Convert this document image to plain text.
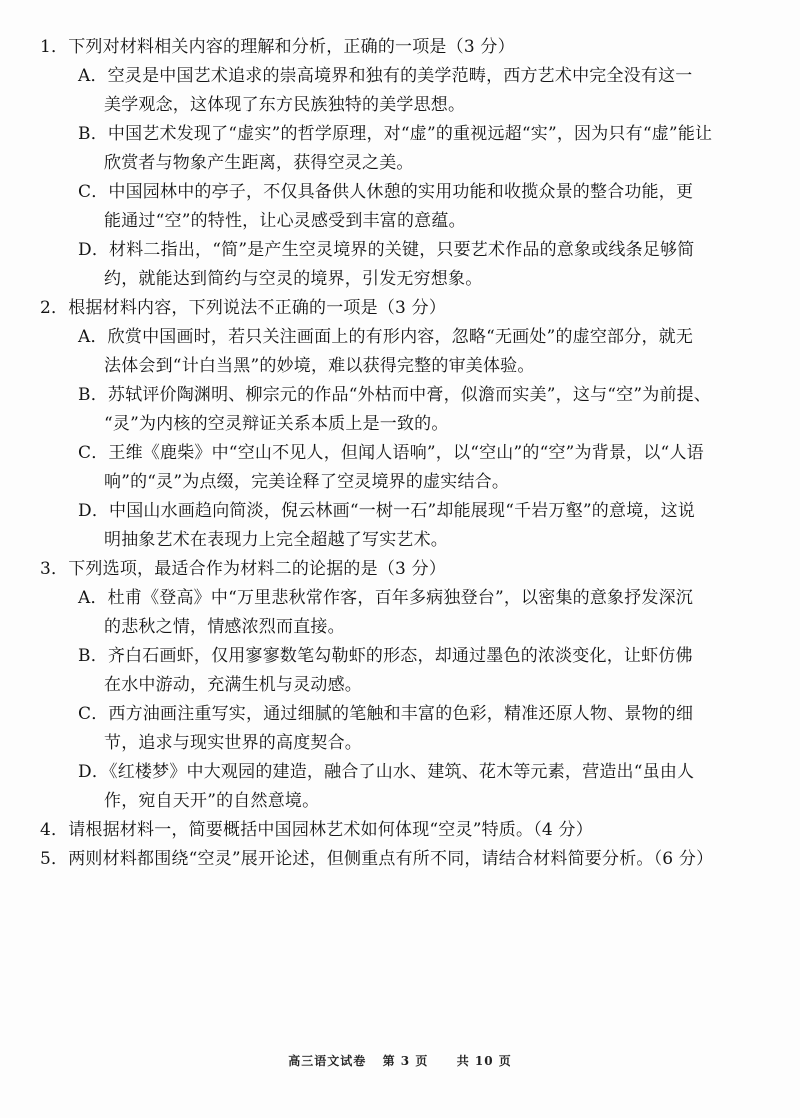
1．下列对材料相关内容的理解和分析，正确的一项是（3 分）
A．空灵是中国艺术追求的崇高境界和独有的美学范畴，西方艺术中完全没有这一
美学观念，这体现了东方民族独特的美学思想。
B．中国艺术发现了“虚实”的哲学原理，对“虚”的重视远超“实”，因为只有“虚”能让
欣赏者与物象产生距离，获得空灵之美。
C．中国园林中的亭子，不仅具备供人休憩的实用功能和收揽众景的整合功能，更
能通过“空”的特性，让心灵感受到丰富的意蕴。
D．材料二指出，“简”是产生空灵境界的关键，只要艺术作品的意象或线条足够简
约，就能达到简约与空灵的境界，引发无穷想象。
2．根据材料内容，下列说法不正确的一项是（3 分）
A．欣赏中国画时，若只关注画面上的有形内容，忽略“无画处”的虚空部分，就无
法体会到“计白当黑”的妙境，难以获得完整的审美体验。
B．苏轼评价陶渊明、柳宗元的作品“外枯而中膏，似澹而实美”，这与“空”为前提、
“灵”为内核的空灵辩证关系本质上是一致的。
C．王维《鹿柴》中“空山不见人，但闻人语响”，以“空山”的“空”为背景，以“人语
响”的“灵”为点缀，完美诠释了空灵境界的虚实结合。
D．中国山水画趋向简淡，倪云林画“一树一石”却能展现“千岩万壑”的意境，这说
明抽象艺术在表现力上完全超越了写实艺术。
3．下列选项，最适合作为材料二的论据的是（3 分）
A．杜甫《登高》中“万里悲秋常作客，百年多病独登台”，以密集的意象抒发深沉
的悲秋之情，情感浓烈而直接。
B．齐白石画虾，仅用寥寥数笔勾勒虾的形态，却通过墨色的浓淡变化，让虾仿佛
在水中游动，充满生机与灵动感。
C．西方油画注重写实，通过细腻的笔触和丰富的色彩，精准还原人物、景物的细
节，追求与现实世界的高度契合。
D．《红楼梦》中大观园的建造，融合了山水、建筑、花木等元素，营造出“虽由人
作，宛自天开”的自然意境。
4．请根据材料一，简要概括中国园林艺术如何体现“空灵”特质。（4 分）
5．两则材料都围绕“空灵”展开论述，但侧重点有所不同，请结合材料简要分析。（6 分）
高三语文试卷 第 3 页 共 10 页
